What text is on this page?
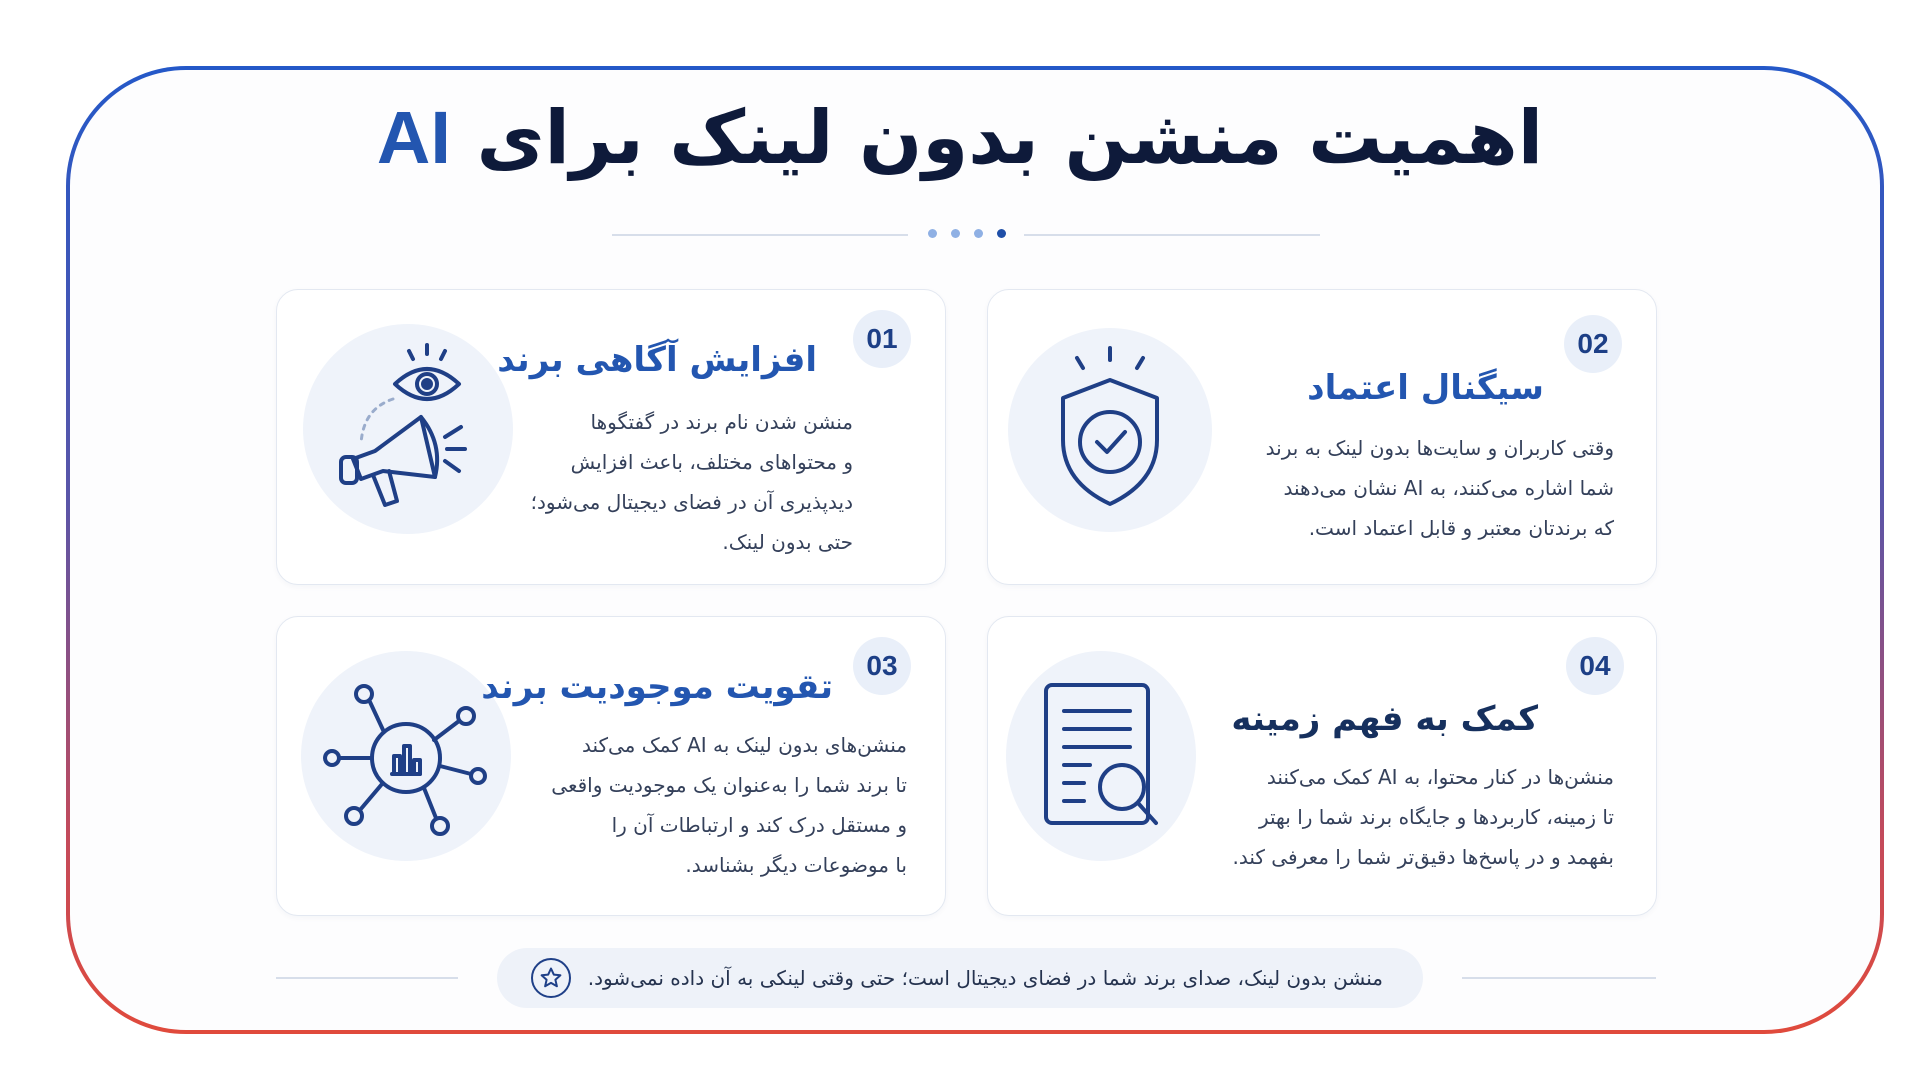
اهمیت منشن بدون لینک برای AI
01
افزایش آگاهی برند
منشن شدن نام برند در گفتگوها
و محتواهای مختلف، باعث افزایش
دیدپذیری آن در فضای دیجیتال می‌شود؛
حتی بدون لینک.
02
سیگنال اعتماد
وقتی کاربران و سایت‌ها بدون لینک به برند
شما اشاره می‌کنند، به AI نشان می‌دهند
که برندتان معتبر و قابل اعتماد است.
03
تقویت موجودیت برند
منشن‌های بدون لینک به AI کمک می‌کند
تا برند شما را به‌عنوان یک موجودیت واقعی
و مستقل درک کند و ارتباطات آن را
با موضوعات دیگر بشناسد.
04
کمک به فهم زمینه
منشن‌ها در کنار محتوا، به AI کمک می‌کنند
تا زمینه، کاربردها و جایگاه برند شما را بهتر
بفهمد و در پاسخ‌ها دقیق‌تر شما را معرفی کند.
منشن بدون لینک، صدای برند شما در فضای دیجیتال است؛ حتی وقتی لینکی به آن داده نمی‌شود.
